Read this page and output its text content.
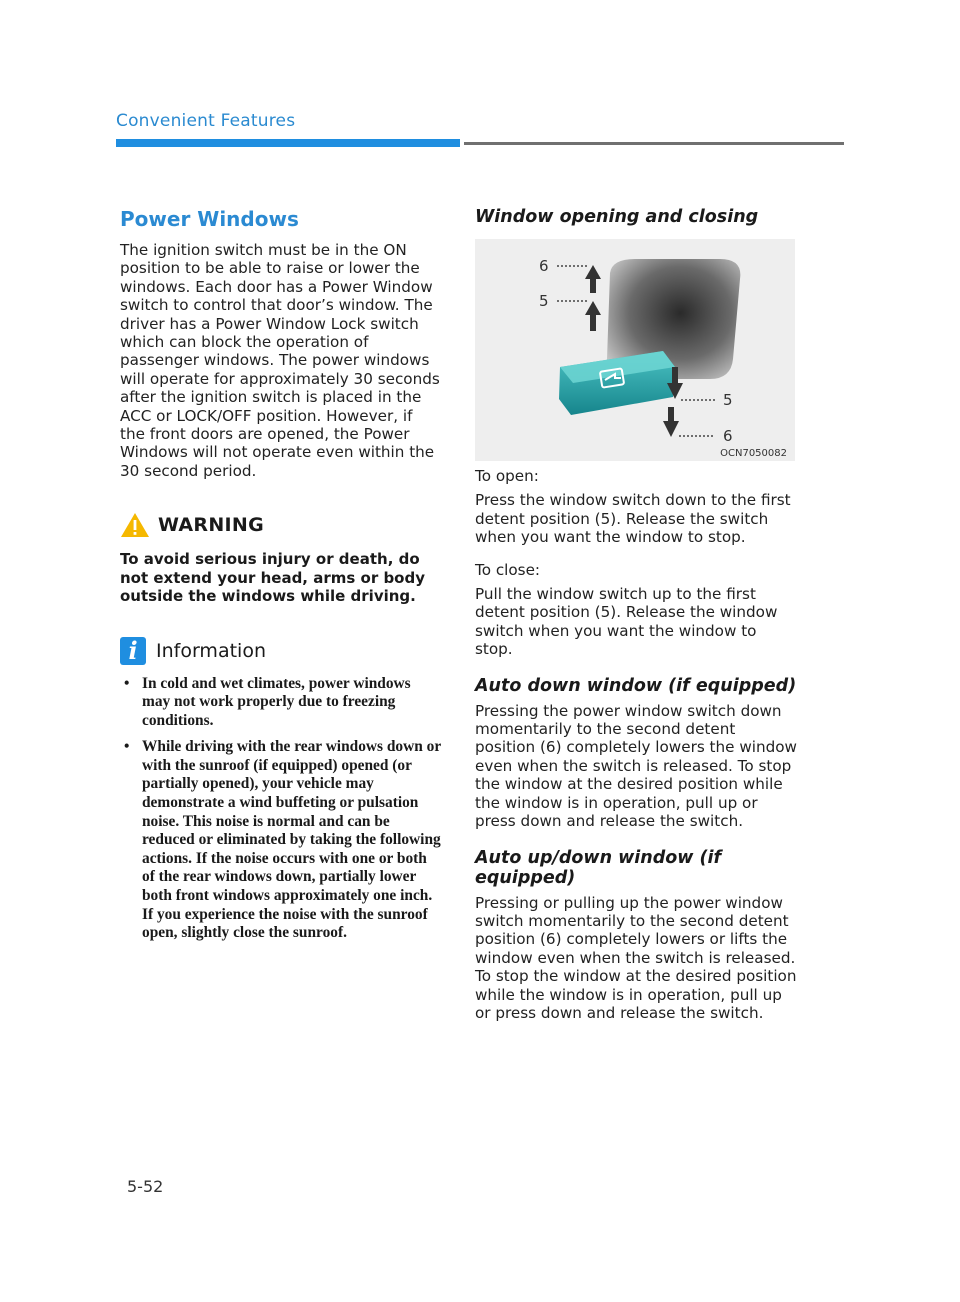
Convenient Features
Power Windows

The ignition switch must be in the ON position to be able to raise or lower the windows. Each door has a Power Window switch to control that door’s window. The driver has a Power Window Lock switch which can block the operation of passenger windows. The power windows will operate for approximately 30 seconds after the ignition switch is placed in the ACC or LOCK/OFF position. However, if the front doors are opened, the Power Windows will not operate even within the 30 second period.

WARNING

To avoid serious injury or death, do not extend your head, arms or body outside the windows while driving.

i Information
• In cold and wet climates, power windows may not work properly due to freezing conditions.
• While driving with the rear windows down or with the sunroof (if equipped) opened (or partially opened), your vehicle may demonstrate a wind buffeting or pulsation noise. This noise is normal and can be reduced or eliminated by taking the following actions. If the noise occurs with one or both of the rear windows down, partially lower both front windows approximately one inch. If you experience the noise with the sunroof open, slightly close the sunroof.
Window opening and closing
6
5
5
6
OCN7050082

To open:

Press the window switch down to the first detent position (5). Release the switch when you want the window to stop.

To close:

Pull the window switch up to the first detent position (5). Release the window switch when you want the window to stop.

Auto down window (if equipped)

Pressing the power window switch down momentarily to the second detent position (6) completely lowers the window even when the switch is released. To stop the window at the desired position while the window is in operation, pull up or press down and release the switch.

Auto up/down window (if equipped)

Pressing or pulling up the power window switch momentarily to the second detent position (6) completely lowers or lifts the window even when the switch is released. To stop the window at the desired position while the window is in operation, pull up or press down and release the switch.

5-52
